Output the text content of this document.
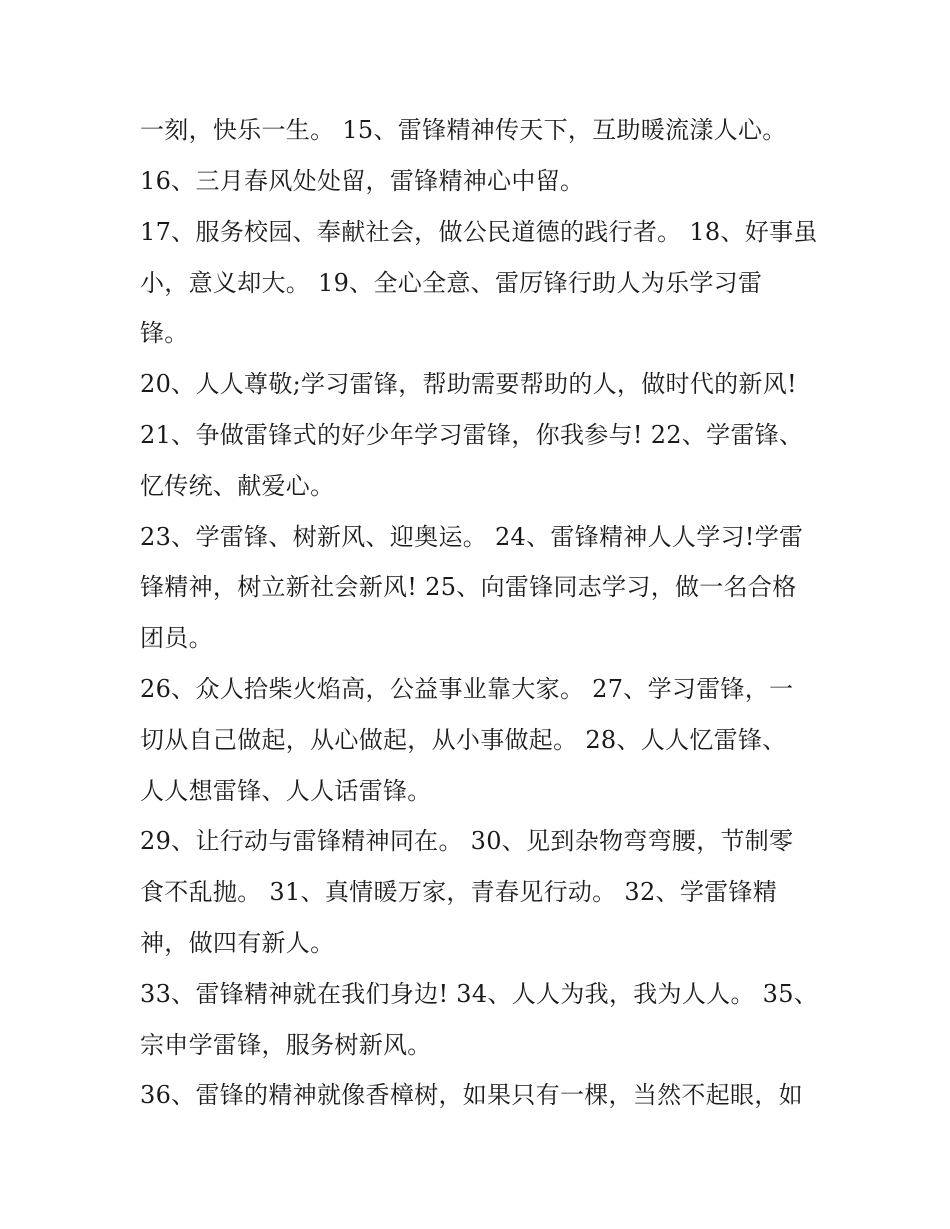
一刻，快乐一生。 15、雷锋精神传天下，互助暖流漾人心。
16、三月春风处处留，雷锋精神心中留。
17、服务校园、奉献社会，做公民道德的践行者。 18、好事虽
小，意义却大。 19、全心全意、雷厉锋行助人为乐学习雷
锋。
20、人人尊敬;学习雷锋，帮助需要帮助的人，做时代的新风!
21、争做雷锋式的好少年学习雷锋，你我参与! 22、学雷锋、
忆传统、献爱心。
23、学雷锋、树新风、迎奥运。 24、雷锋精神人人学习!学雷
锋精神，树立新社会新风! 25、向雷锋同志学习，做一名合格
团员。
26、众人拾柴火焰高，公益事业靠大家。 27、学习雷锋，一
切从自己做起，从心做起，从小事做起。 28、人人忆雷锋、
人人想雷锋、人人话雷锋。
29、让行动与雷锋精神同在。 30、见到杂物弯弯腰，节制零
食不乱抛。 31、真情暖万家，青春见行动。 32、学雷锋精
神，做四有新人。
33、雷锋精神就在我们身边! 34、人人为我，我为人人。 35、
宗申学雷锋，服务树新风。
36、雷锋的精神就像香樟树，如果只有一棵，当然不起眼，如
